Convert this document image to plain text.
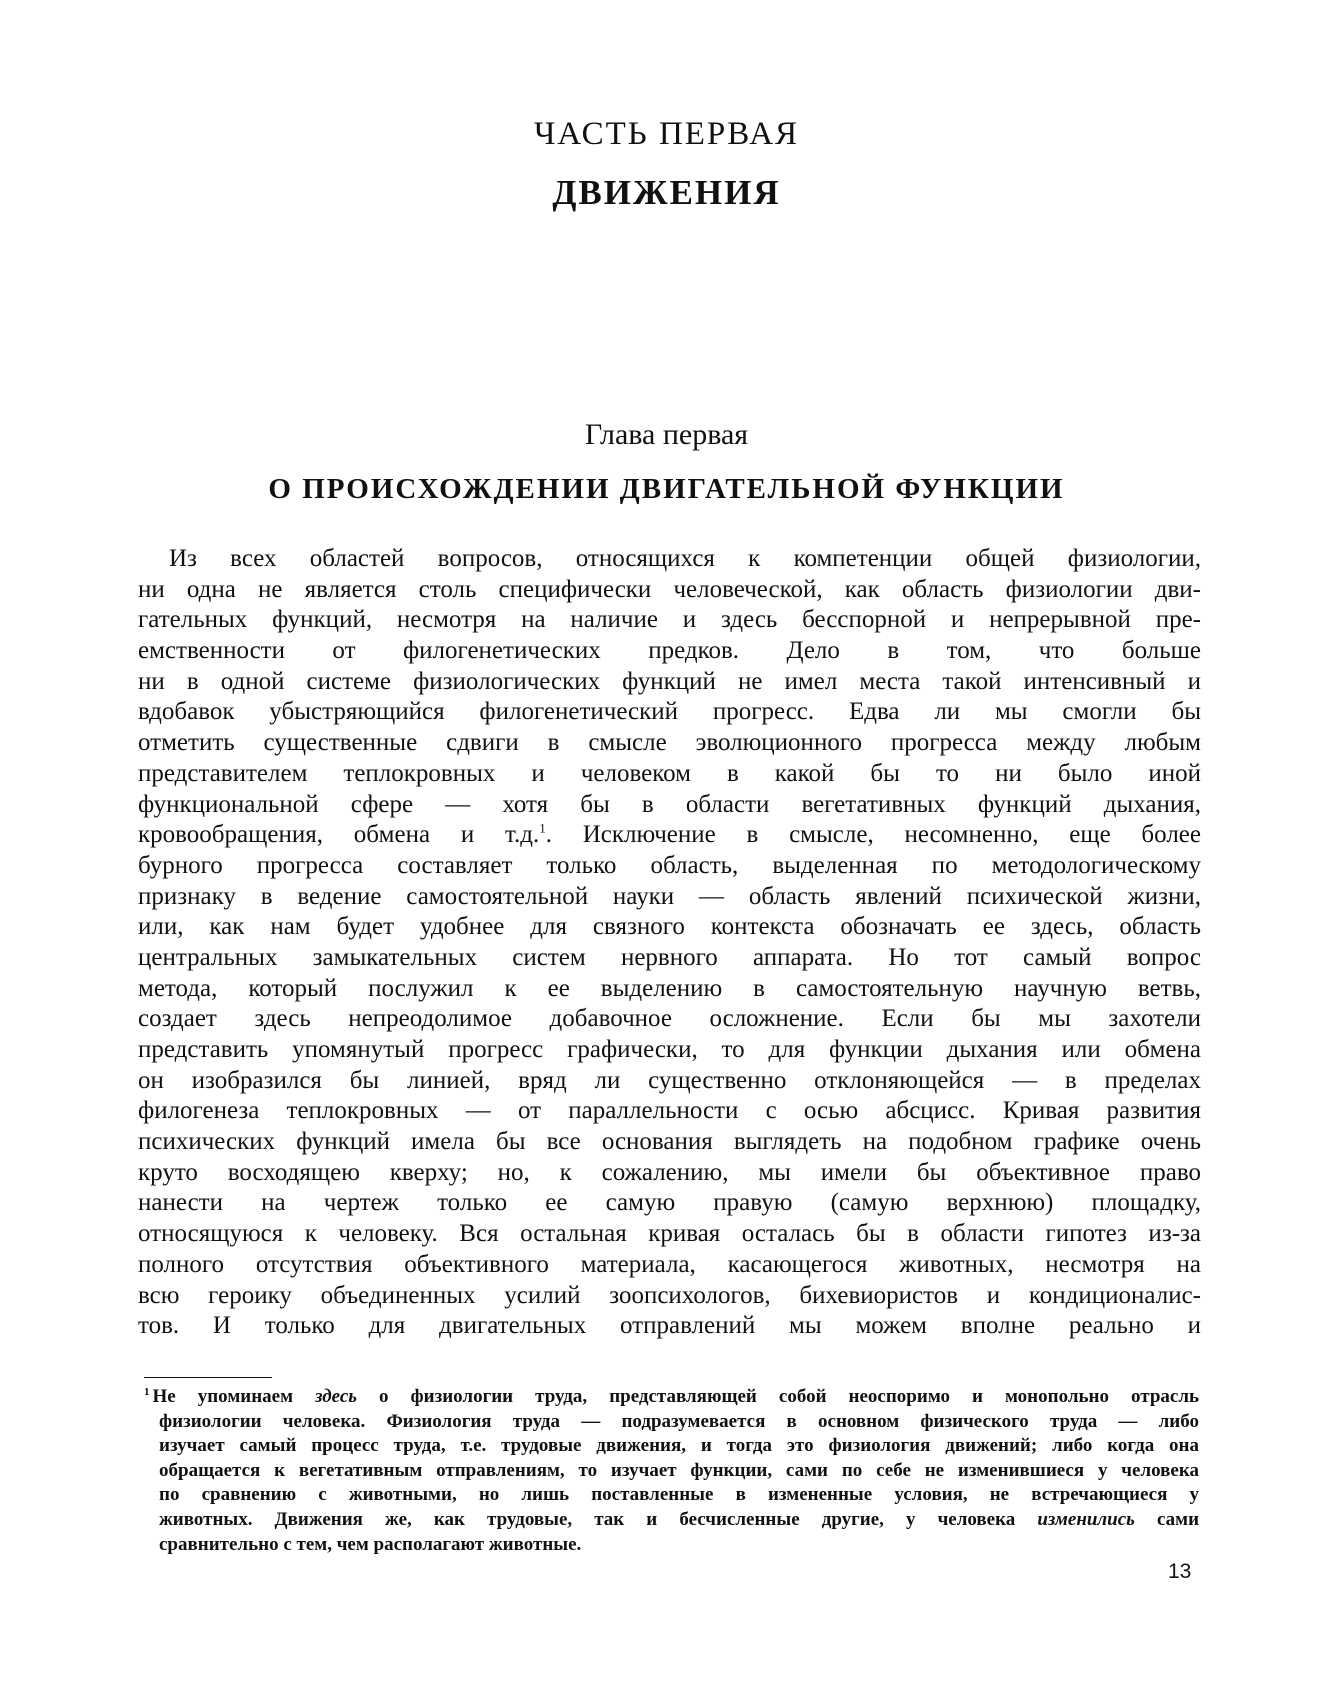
ЧАСТЬ ПЕРВАЯ
ДВИЖЕНИЯ
Глава первая
О ПРОИСХОЖДЕНИИ ДВИГАТЕЛЬНОЙ ФУНКЦИИ
Из всех областей вопросов, относящихся к компетенции общей физиологии,
ни одна не является столь специфически человеческой, как область физиологии дви-
гательных функций, несмотря на наличие и здесь бесспорной и непрерывной пре-
емственности от филогенетических предков. Дело в том, что больше
ни в одной системе физиологических функций не имел места такой интенсивный и
вдобавок убыстряющийся филогенетический прогресс. Едва ли мы смогли бы
отметить существенные сдвиги в смысле эволюционного прогресса между любым
представителем теплокровных и человеком в какой бы то ни было иной
функциональной сфере — хотя бы в области вегетативных функций дыхания,
кровообращения, обмена и т.д.$^1$. Исключение в смысле, несомненно, еще более
бурного прогресса составляет только область, выделенная по методологическому
признаку в ведение самостоятельной науки — область явлений психической жизни,
или, как нам будет удобнее для связного контекста обозначать ее здесь, область
центральных замыкательных систем нервного аппарата. Но тот самый вопрос
метода, который послужил к ее выделению в самостоятельную научную ветвь,
создает здесь непреодолимое добавочное осложнение. Если бы мы захотели
представить упомянутый прогресс графически, то для функции дыхания или обмена
он изобразился бы линией, вряд ли существенно отклоняющейся — в пределах
филогенеза теплокровных — от параллельности с осью абсцисс. Кривая развития
психических функций имела бы все основания выглядеть на подобном графике очень
круто восходящею кверху; но, к сожалению, мы имели бы объективное право
нанести на чертеж только ее самую правую (самую верхнюю) площадку,
относящуюся к человеку. Вся остальная кривая осталась бы в области гипотез из-за
полного отсутствия объективного материала, касающегося животных, несмотря на
всю героику объединенных усилий зоопсихологов, бихевиористов и кондиционалис-
тов. И только для двигательных отправлений мы можем вполне реально и
$^1$ Не упоминаем здесь о физиологии труда, представляющей собой неоспоримо и монопольно отрасль
физиологии человека. Физиология труда — подразумевается в основном физического труда — либо
изучает самый процесс труда, т.е. трудовые движения, и тогда это физиология движений; либо когда она
обращается к вегетативным отправлениям, то изучает функции, сами по себе не изменившиеся у человека
по сравнению с животными, но лишь поставленные в измененные условия, не встречающиеся у
животных. Движения же, как трудовые, так и бесчисленные другие, у человека изменились сами
сравнительно с тем, чем располагают животные.
13
